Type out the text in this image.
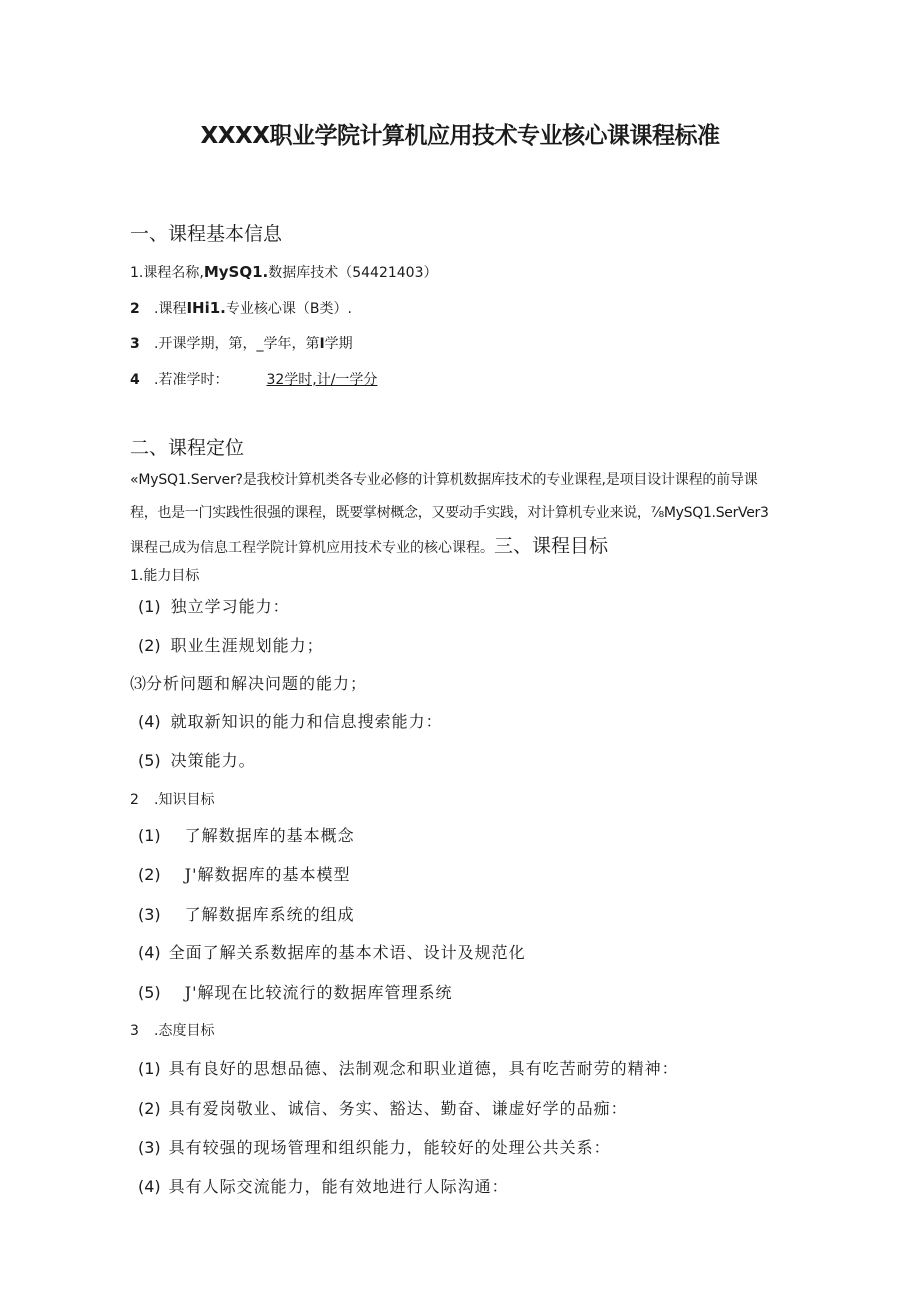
XXXX职业学院计算机应用技术专业核心课课程标准
一、课程基本信息
1.课程名称,MySQ1.数据库技术（54421403）
2 .课程IHi1.专业核心课（B类）.
3 .开课学期，第，_学年，第I学期
4 .若准学时：	32学时,计/一学分
二、课程定位
«MySQ1.Server?是我校计算机类各专业必修的计算机数据库技术的专业课程,是项目设计课程的前导课
程，也是一门实践性很强的课程，既要掌树概念，又要动手实践，对计算机专业来说，⅞MySQ1.SerVer3
课程己成为信息工程学院计算机应用技术专业的核心课程。三、课程目标
1.能力目标
(1) 独立学习能力：
(2) 职业生涯规划能力；
⑶分析问题和解决问题的能力；
(4) 就取新知识的能力和信息搜索能力：
(5) 决策能力。
2 .知识目标
(1) 了解数据库的基本概念
(2) J'解数据库的基本模型
(3) 了解数据库系统的组成
(4) 全面了解关系数据库的基本术语、设计及规范化
(5) J'解现在比较流行的数据库管理系统
3 .态度目标
(1) 具有良好的思想品德、法制观念和职业道德，具有吃苦耐劳的精神：
(2) 具有爱岗敬业、诚信、务实、豁达、勤奋、谦虚好学的品痂：
(3) 具有较强的现场管理和组织能力，能较好的处理公共关系：
(4) 具有人际交流能力，能有效地进行人际沟通：
